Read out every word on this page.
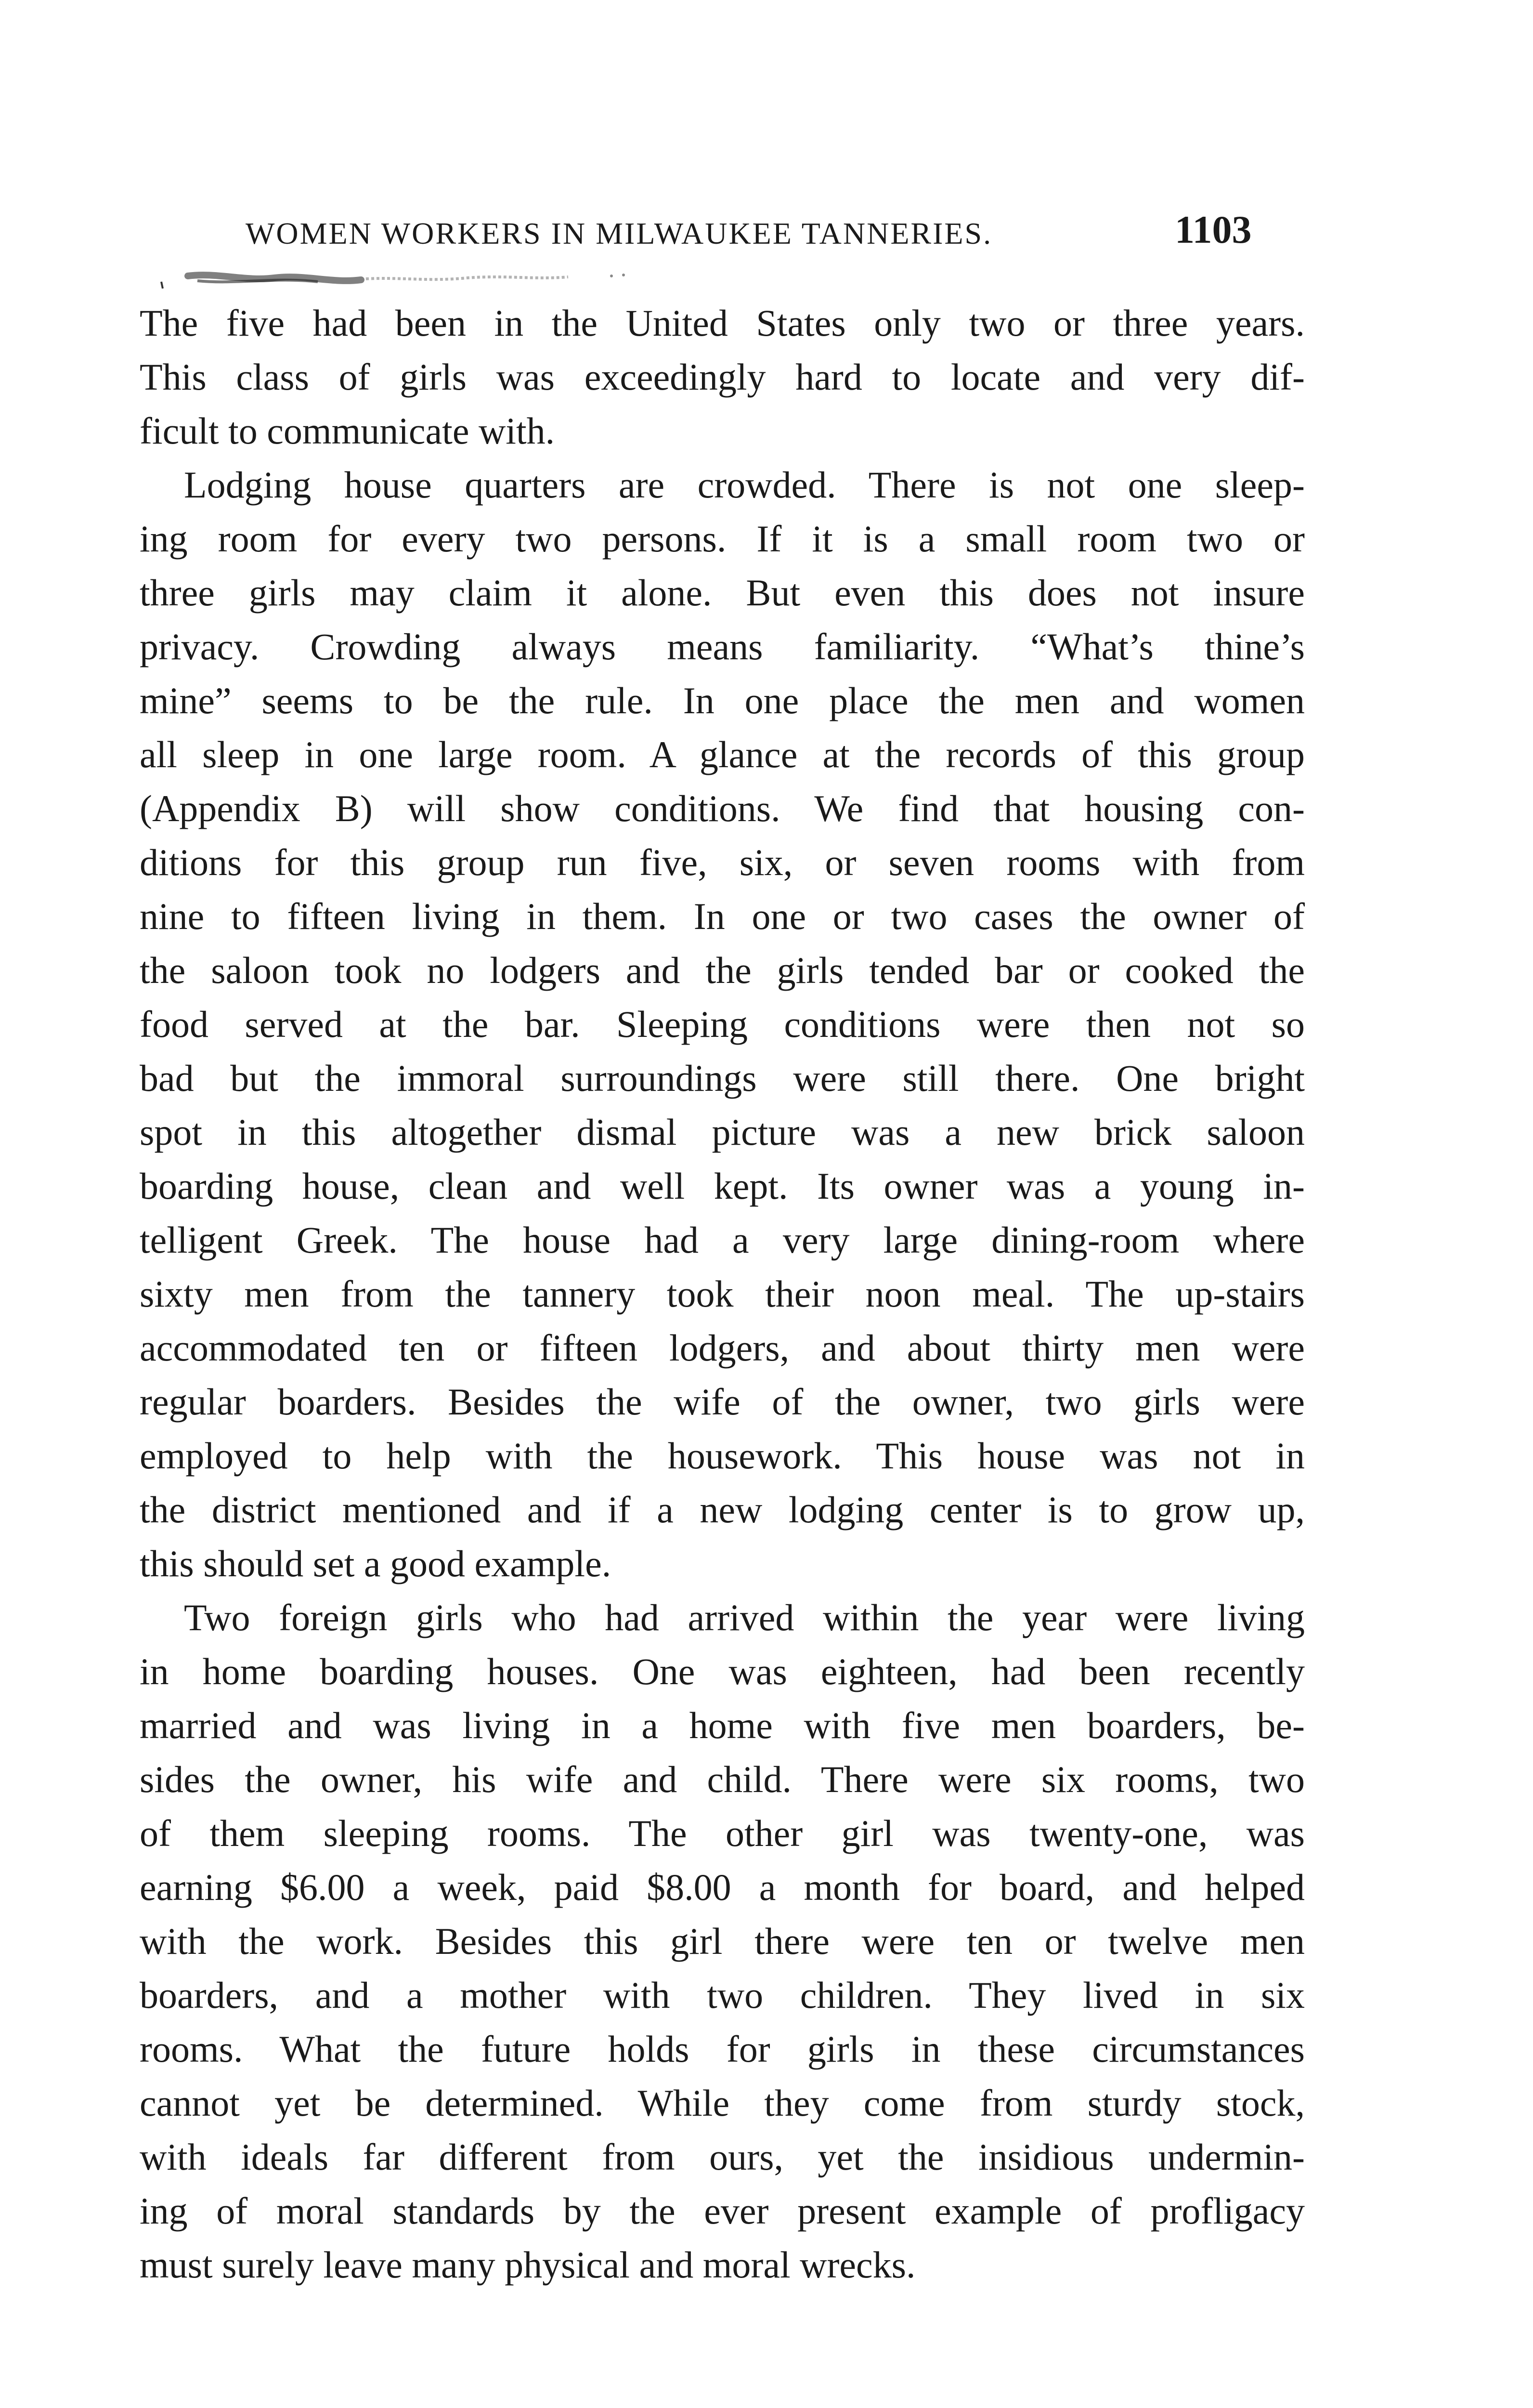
WOMEN WORKERS IN MILWAUKEE TANNERIES.	1103
The five had been in the United States only two or three years.
This class of girls was exceedingly hard to locate and very dif-
ficult to communicate with.
Lodging house quarters are crowded. There is not one sleep-
ing room for every two persons. If it is a small room two or
three girls may claim it alone. But even this does not insure
privacy. Crowding always means familiarity. “What’s thine’s
mine” seems to be the rule. In one place the men and women
all sleep in one large room. A glance at the records of this group
(Appendix B) will show conditions. We find that housing con-
ditions for this group run five, six, or seven rooms with from
nine to fifteen living in them. In one or two cases the owner of
the saloon took no lodgers and the girls tended bar or cooked the
food served at the bar. Sleeping conditions were then not so
bad but the immoral surroundings were still there. One bright
spot in this altogether dismal picture was a new brick saloon
boarding house, clean and well kept. Its owner was a young in-
telligent Greek. The house had a very large dining-room where
sixty men from the tannery took their noon meal. The up-stairs
accommodated ten or fifteen lodgers, and about thirty men were
regular boarders. Besides the wife of the owner, two girls were
employed to help with the housework. This house was not in
the district mentioned and if a new lodging center is to grow up,
this should set a good example.
Two foreign girls who had arrived within the year were living
in home boarding houses. One was eighteen, had been recently
married and was living in a home with five men boarders, be-
sides the owner, his wife and child. There were six rooms, two
of them sleeping rooms. The other girl was twenty-one, was
earning $6.00 a week, paid $8.00 a month for board, and helped
with the work. Besides this girl there were ten or twelve men
boarders, and a mother with two children. They lived in six
rooms. What the future holds for girls in these circumstances
cannot yet be determined. While they come from sturdy stock,
with ideals far different from ours, yet the insidious undermin-
ing of moral standards by the ever present example of profligacy
must surely leave many physical and moral wrecks.
